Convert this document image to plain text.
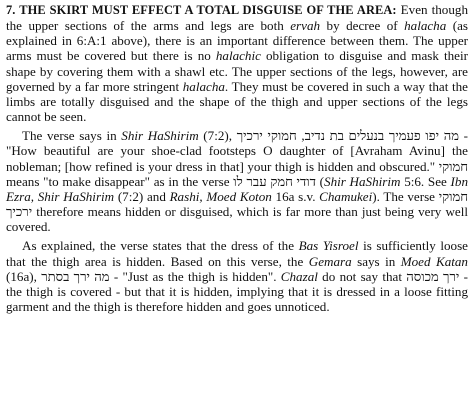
7. THE SKIRT MUST EFFECT A TOTAL DISGUISE OF THE AREA: Even though the upper sections of the arms and legs are both ervah by decree of halacha (as explained in 6:A:1 above), there is an important difference between them. The upper arms must be covered but there is no halachic obligation to disguise and mask their shape by covering them with a shawl etc. The upper sections of the legs, however, are governed by a far more stringent halacha. They must be covered in such a way that the limbs are totally disguised and the shape of the thigh and upper sections of the legs cannot be seen.

The verse says in Shir HaShirim (7:2), מה יפו פעמיך בנעלים בת נדיב, חמוקי ירכיך - "How beautiful are your shoe-clad footsteps O daughter of [Avraham Avinu] the nobleman; [how refined is your dress in that] your thigh is hidden and obscured." חמוקי means "to make disappear" as in the verse דודי חמק עבר לו (Shir HaShirim 5:6. See Ibn Ezra, Shir HaShirim (7:2) and Rashi, Moed Koton 16a s.v. Chamukei). The verse חמוקי ירכיך therefore means hidden or disguised, which is far more than just being very well covered.

As explained, the verse states that the dress of the Bas Yisroel is sufficiently loose that the thigh area is hidden. Based on this verse, the Gemara says in Moed Katan (16a), מה ירך בסתר - "Just as the thigh is hidden". Chazal do not say that ירך מכוסה - the thigh is covered - but that it is hidden, implying that it is dressed in a loose fitting garment and the thigh is therefore hidden and goes unnoticed.
